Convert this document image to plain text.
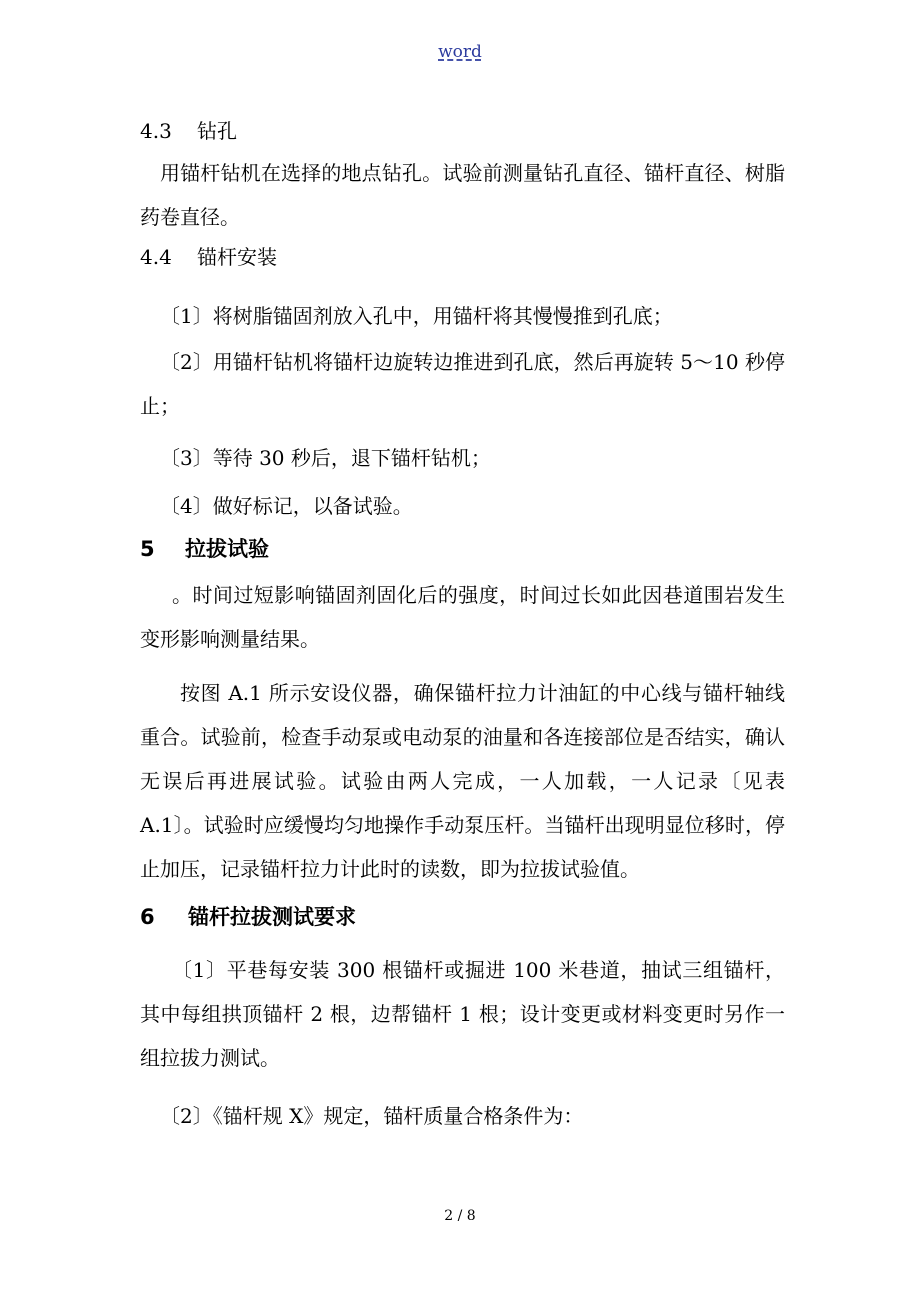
word
4.3 钻孔
用锚杆钻机在选择的地点钻孔。试验前测量钻孔直径、锚杆直径、树脂药卷直径。
4.4 锚杆安装
〔1〕将树脂锚固剂放入孔中，用锚杆将其慢慢推到孔底；
〔2〕用锚杆钻机将锚杆边旋转边推进到孔底，然后再旋转 5～10 秒停止；
〔3〕等待 30 秒后，退下锚杆钻机；
〔4〕做好标记，以备试验。
5 拉拔试验
。时间过短影响锚固剂固化后的强度，时间过长如此因巷道围岩发生变形影响测量结果。
按图 A.1 所示安设仪器，确保锚杆拉力计油缸的中心线与锚杆轴线重合。试验前，检查手动泵或电动泵的油量和各连接部位是否结实，确认无误后再进展试验。试验由两人完成，一人加载，一人记录〔见表 A.1〕。试验时应缓慢均匀地操作手动泵压杆。当锚杆出现明显位移时，停止加压，记录锚杆拉力计此时的读数，即为拉拔试验值。
6 锚杆拉拔测试要求
〔1〕平巷每安装 300 根锚杆或掘进 100 米巷道，抽试三组锚杆，其中每组拱顶锚杆 2 根，边帮锚杆 1 根；设计变更或材料变更时另作一组拉拔力测试。
〔2〕《锚杆规 X》规定，锚杆质量合格条件为：
2 / 8
